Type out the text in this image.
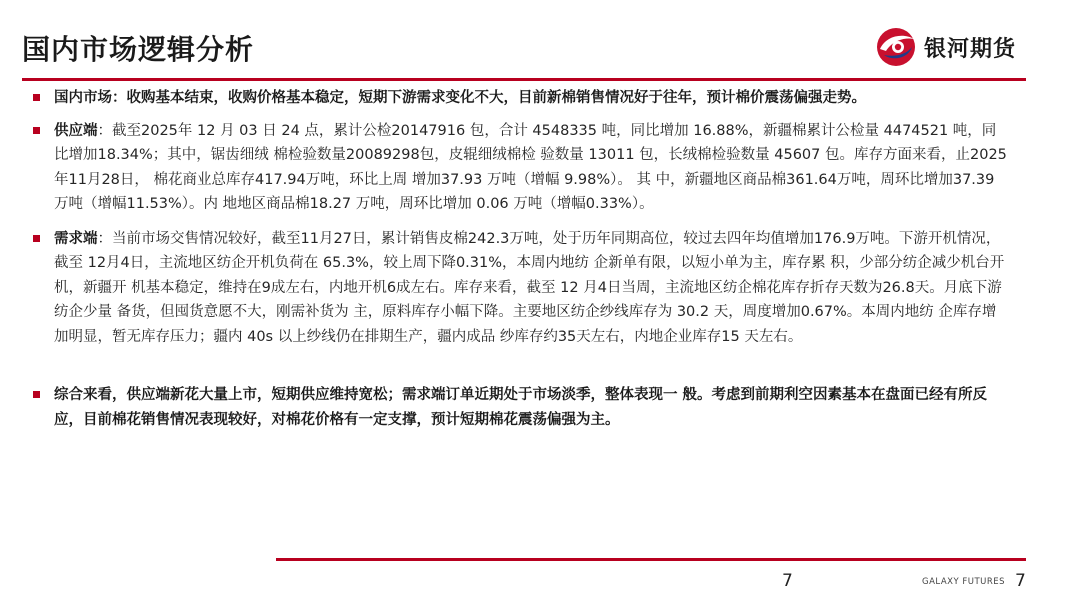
国内市场逻辑分析	银河期货
国内市场：收购基本结束，收购价格基本稳定，短期下游需求变化不大，目前新棉销售情况好于往年，预计棉价震荡偏强走势。
供应端：截至2025年 12 月 03 日 24 点，累计公检20147916 包，合计 4548335 吨，同比增加 16.88%，新疆棉累计公检量 4474521 吨，同比增加18.34%；其中，锯齿细绒 棉检验数量20089298包，皮辊细绒棉检 验数量 13011 包，长绒棉检验数量 45607 包。库存方面来看，止2025年11月28日， 棉花商业总库存417.94万吨，环比上周 增加37.93 万吨（增幅 9.98%）。 其 中，新疆地区商品棉361.64万吨，周环比增加37.39 万吨（增幅11.53%）。内 地地区商品棉18.27 万吨，周环比增加 0.06 万吨（增幅0.33%）。
需求端：当前市场交售情况较好，截至11月27日，累计销售皮棉242.3万吨，处于历年同期高位，较过去四年均值增加176.9万吨。下游开机情况，截至 12月4日，主流地区纺企开机负荷在 65.3%，较上周下降0.31%，本周内地纺 企新单有限，以短小单为主，库存累 积，少部分纺企减少机台开机，新疆开 机基本稳定，维持在9成左右，内地开机6成左右。库存来看，截至 12 月4日当周，主流地区纺企棉花库存折存天数为26.8天。月底下游纺企少量 备货，但囤货意愿不大，刚需补货为 主，原料库存小幅下降。主要地区纺企纱线库存为 30.2 天，周度增加0.67%。本周内地纺 企库存增加明显，暂无库存压力；疆内 40s 以上纱线仍在排期生产，疆内成品 纱库存约35天左右，内地企业库存15 天左右。
综合来看，供应端新花大量上市，短期供应维持宽松；需求端订单近期处于市场淡季，整体表现一 般。考虑到前期利空因素基本在盘面已经有所反应，目前棉花销售情况表现较好，对棉花价格有一定支撑，预计短期棉花震荡偏强为主。
7	GALAXY FUTURES 7
